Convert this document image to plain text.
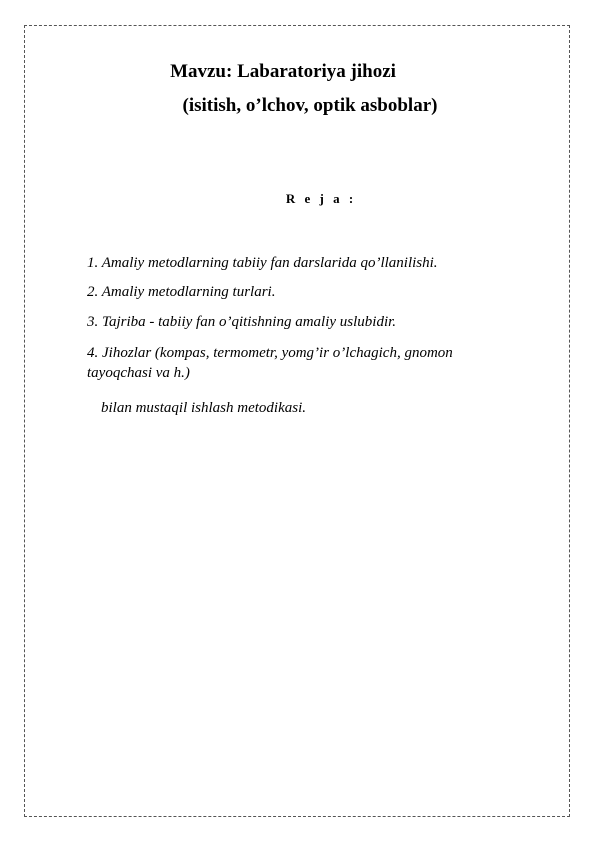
Mavzu: Labaratoriya jihozi
(isitish, o’lchov, optik asboblar)
R e j a :
1. Amaliy metodlarning tabiiy fan darslarida qo’llanilishi.
2. Amaliy metodlarning turlari.
3. Tajriba - tabiiy fan o’qitishning amaliy uslubidir.
4. Jihozlar (kompas, termometr, yomg’ir o’lchagich, gnomon tayoqchasi va h.)
bilan mustaqil ishlash metodikasi.
